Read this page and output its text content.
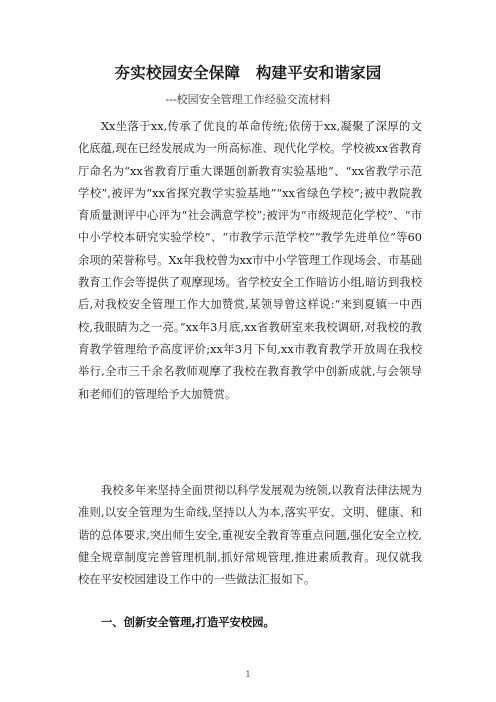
夯实校园安全保障　构建平安和谐家园
---校园安全管理工作经验交流材料
Xx坐落于xx,传承了优良的革命传统;依傍于xx,凝聚了深厚的文化底蕴,现在已经发展成为一所高标准、现代化学校。学校被xx省教育厅命名为“xx省教育厅重大课题创新教育实验基地”、“xx省教学示范学校”,被评为“xx省探究教学实验基地”“xx省绿色学校”;被中教院教育质量测评中心评为“社会满意学校”;被评为“市级规范化学校”、“市中小学校本研究实验学校”、“市教学示范学校”“教学先进单位”等60余项的荣誉称号。Xx年我校曾为xx市中小学管理工作现场会、市基础教育工作会等提供了观摩现场。省学校安全工作暗访小组,暗访到我校后,对我校安全管理工作大加赞赏,某领导曾这样说:“来到夏镇一中西校,我眼睛为之一亮。”xx年3月底,xx省教研室来我校调研,对我校的教育教学管理给予高度评价;xx年3月下旬,xx市教育教学开放周在我校举行,全市三千余名教师观摩了我校在教育教学中创新成就,与会领导和老师们的管理给予大加赞赏。
我校多年来坚持全面贯彻以科学发展观为统领,以教育法律法规为准则,以安全管理为生命线,坚持以人为本,落实平安、文明、健康、和谐的总体要求,突出师生安全,重视安全教育等重点问题,强化安全立校,健全规章制度完善管理机制,抓好常规管理,推进素质教育。现仅就我校在平安校园建设工作中的一些做法汇报如下。
一、创新安全管理,打造平安校园。
1
